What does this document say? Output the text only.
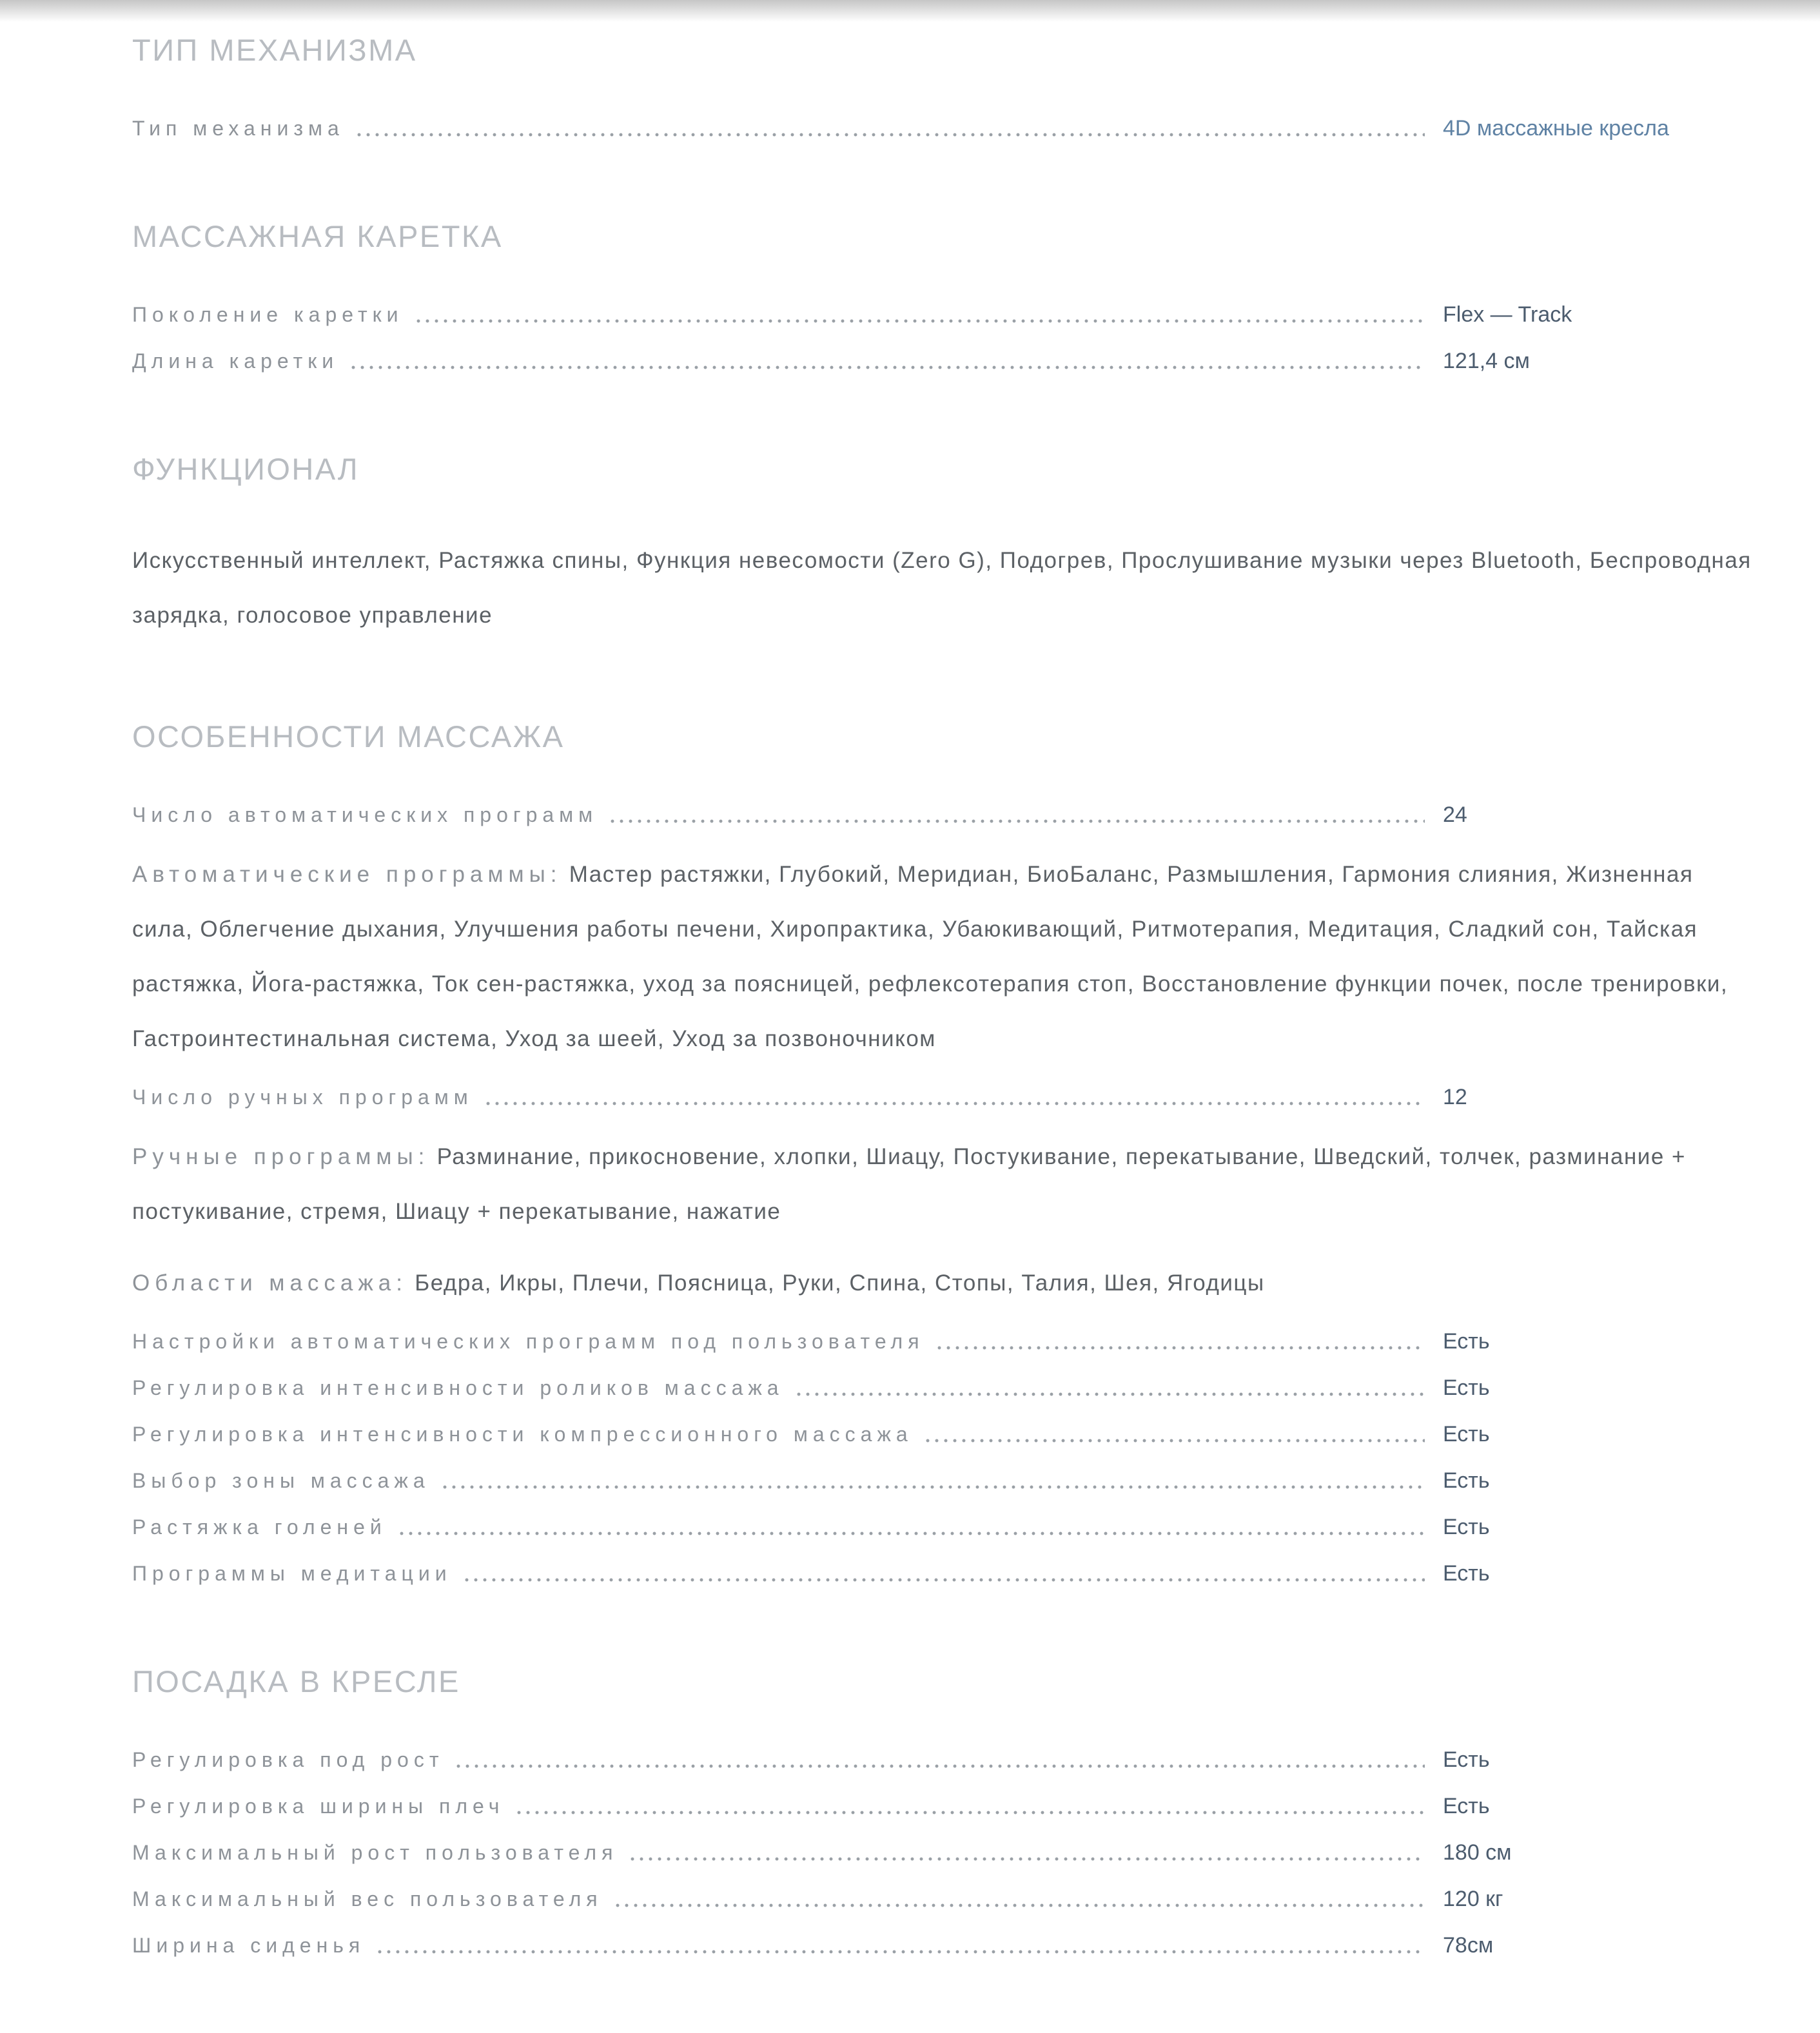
ТИП МЕХАНИЗМА
Тип механизма	4D массажные кресла
МАССАЖНАЯ КАРЕТКА
Поколение каретки	Flex — Track
Длина каретки	121,4 см
ФУНКЦИОНАЛ

Искусственный интеллект, Растяжка спины, Функция невесомости (Zero G), Подогрев, Прослушивание музыки через Bluetooth, Беспроводная зарядка, голосовое управление

ОСОБЕННОСТИ МАССАЖА
Число автоматических программ	24

Автоматические программы: Мастер растяжки, Глубокий, Меридиан, БиоБаланс, Размышления, Гармония слияния, Жизненная сила, Облегчение дыхания, Улучшения работы печени, Хиропрактика, Убаюкивающий, Ритмотерапия, Медитация, Сладкий сон, Тайская растяжка, Йога-растяжка, Ток сен-растяжка, уход за поясницей, рефлексотерапия стоп, Восстановление функции почек, после тренировки, Гастроинтестинальная система, Уход за шеей, Уход за позвоночником

Число ручных программ	12

Ручные программы: Разминание, прикосновение, хлопки, Шиацу, Постукивание, перекатывание, Шведский, толчек, разминание + постукивание, стремя, Шиацу + перекатывание, нажатие

Области массажа: Бедра, Икры, Плечи, Поясница, Руки, Спина, Стопы, Талия, Шея, Ягодицы

Настройки автоматических программ под пользователя	Есть
Регулировка интенсивности роликов массажа	Есть
Регулировка интенсивности компрессионного массажа	Есть
Выбор зоны массажа	Есть
Растяжка голеней	Есть
Программы медитации	Есть
ПОСАДКА В КРЕСЛЕ
Регулировка под рост	Есть
Регулировка ширины плеч	Есть
Максимальный рост пользователя	180 см
Максимальный вес пользователя	120 кг
Ширина сиденья	78см
